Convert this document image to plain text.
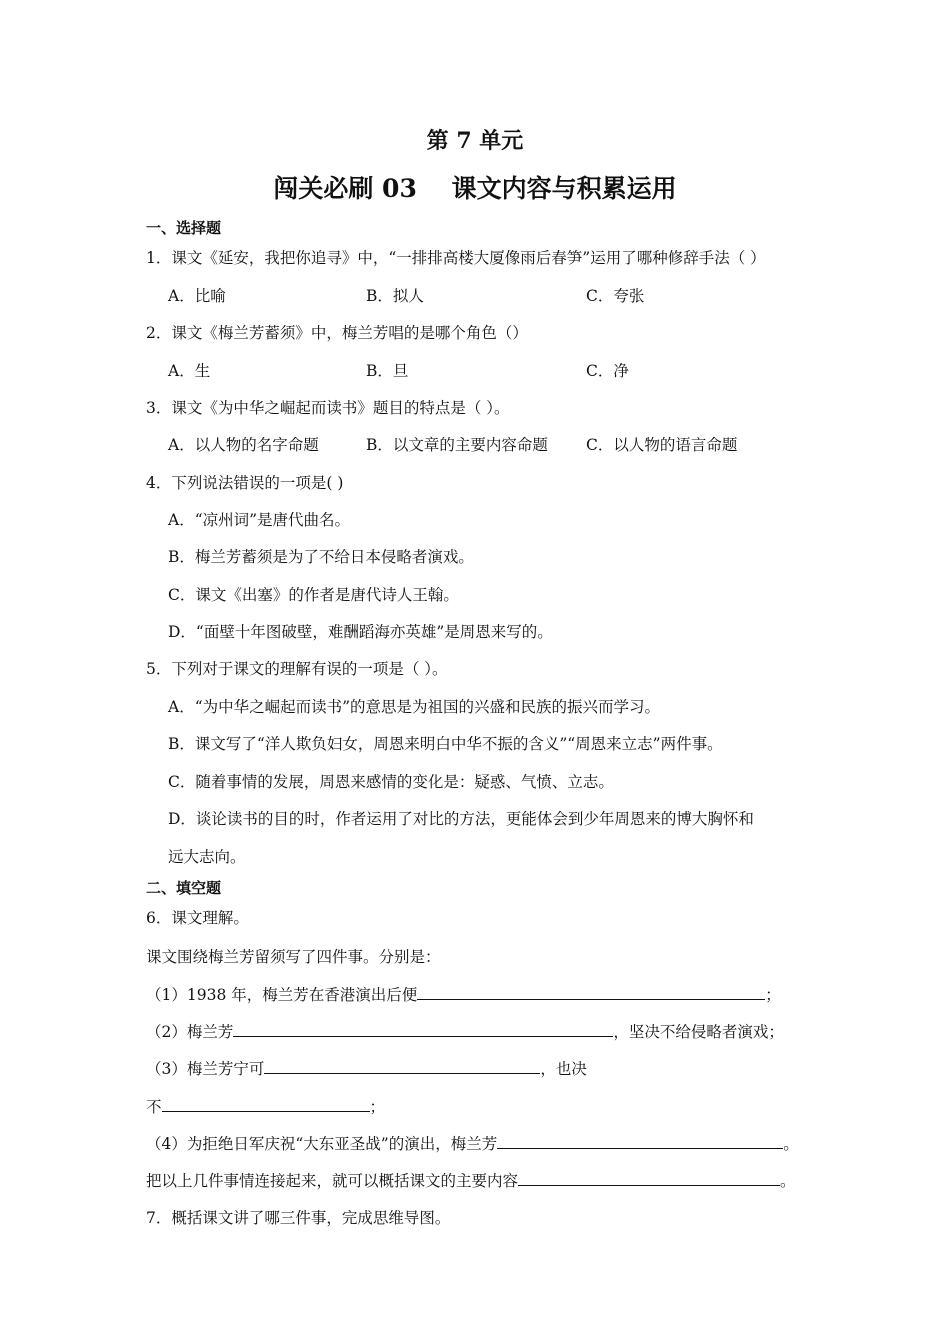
第 7 单元
闯关必刷 03    课文内容与积累运用
一、选择题
1．课文《延安，我把你追寻》中，“一排排高楼大厦像雨后春笋”运用了哪种修辞手法（ ）
A．比喻	B．拟人	C．夸张
2．课文《梅兰芳蓄须》中，梅兰芳唱的是哪个角色（）
A．生	B．旦	C．净
3．课文《为中华之崛起而读书》题目的特点是（ ）。
A．以人物的名字命题	B．以文章的主要内容命题 C．以人物的语言命题
4．下列说法错误的一项是( )
A．“凉州词”是唐代曲名。
B．梅兰芳蓄须是为了不给日本侵略者演戏。
C．课文《出塞》的作者是唐代诗人王翰。
D．“面壁十年图破壁，难酬蹈海亦英雄”是周恩来写的。
5．下列对于课文的理解有误的一项是（ ）。
A．“为中华之崛起而读书”的意思是为祖国的兴盛和民族的振兴而学习。
B．课文写了“洋人欺负妇女，周恩来明白中华不振的含义”“周恩来立志”两件事。
C．随着事情的发展，周恩来感情的变化是：疑惑、气愤、立志。
D．谈论读书的目的时，作者运用了对比的方法，更能体会到少年周恩来的博大胸怀和
远大志向。
二、填空题
6．课文理解。
课文围绕梅兰芳留须写了四件事。分别是：
（1）1938 年，梅兰芳在香港演出后便	；
（2）梅兰芳	，坚决不给侵略者演戏；
（3）梅兰芳宁可	，也决
不	；
（4）为拒绝日军庆祝“大东亚圣战”的演出，梅兰芳	。
把以上几件事情连接起来，就可以概括课文的主要内容	。
7．概括课文讲了哪三件事，完成思维导图。
